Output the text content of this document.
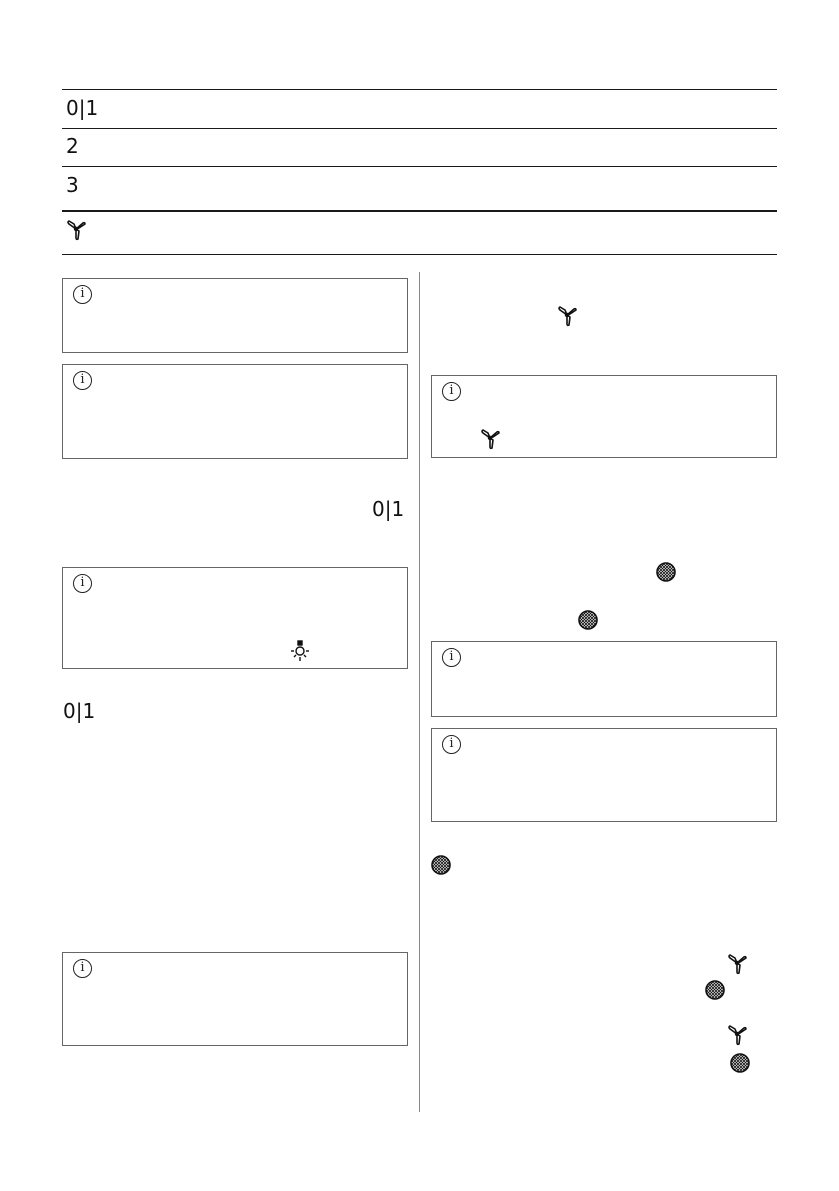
0|1
2
3
i
i
0|1
i
0|1
i
i
i
i
